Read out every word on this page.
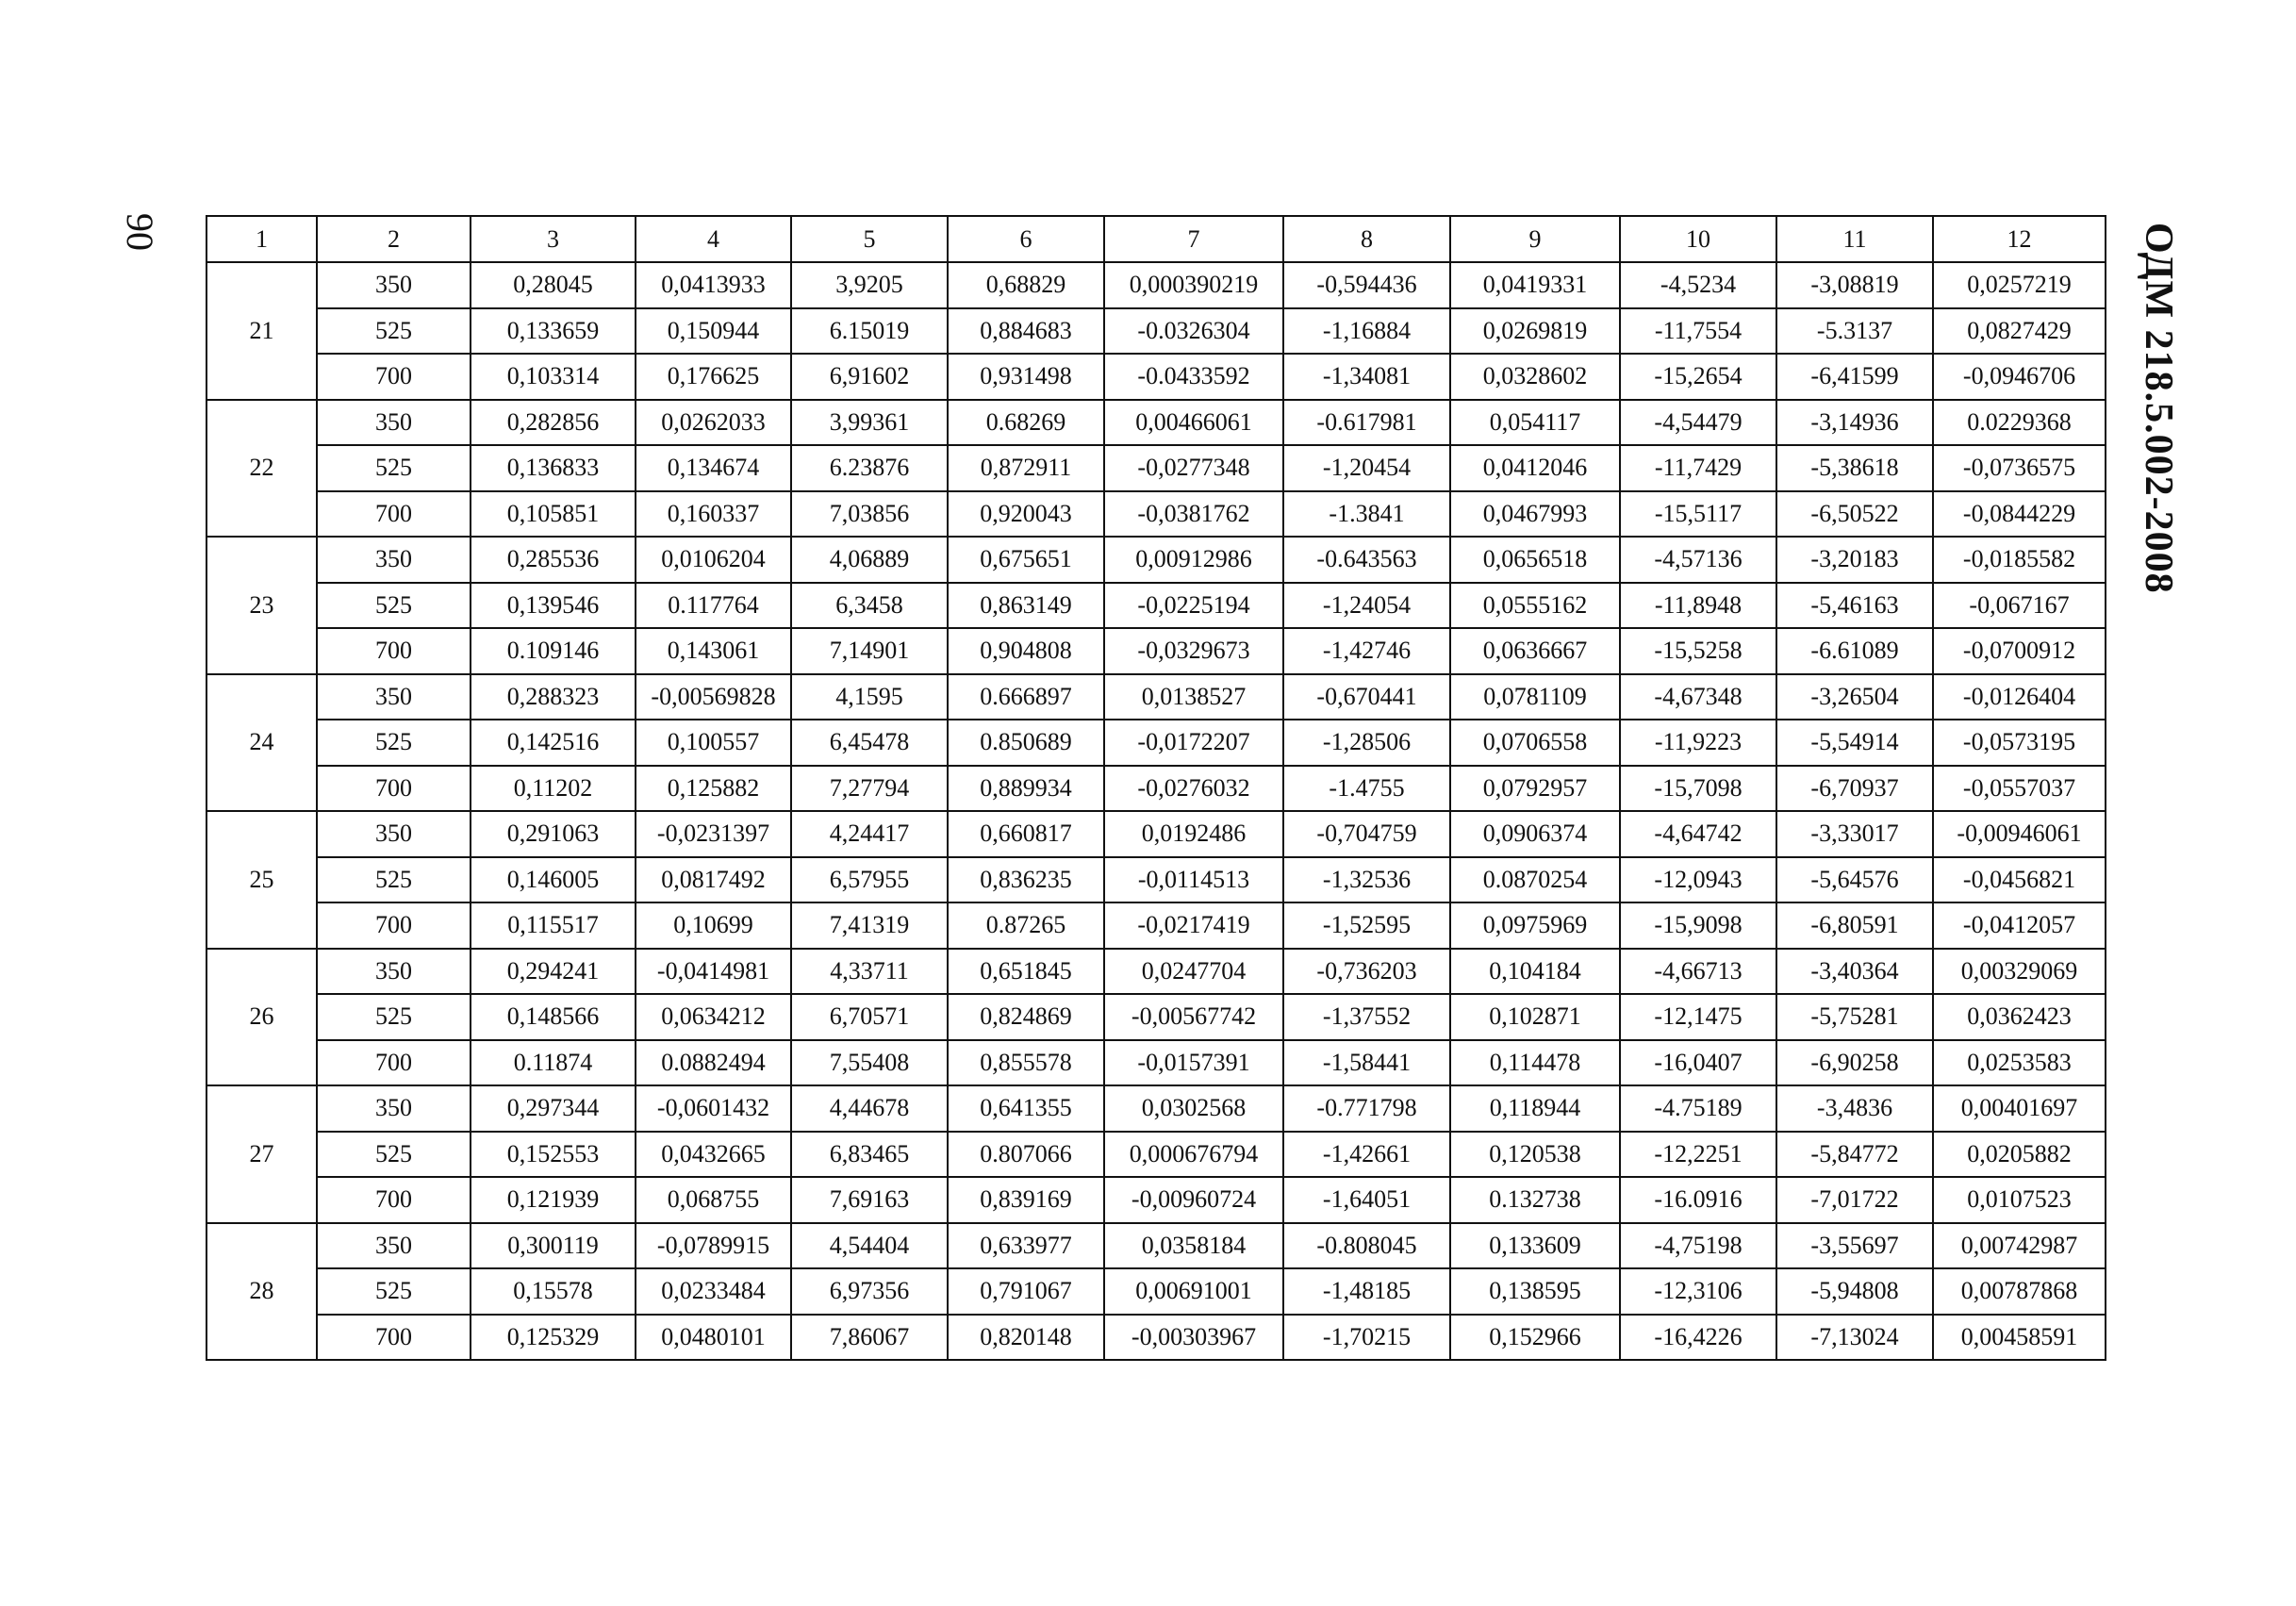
90	ОДМ 218.5.002-2008
1	2	3	4	5	6	7	8	9	10	11	12
21	350	0,28045	0,0413933	3,9205	0,68829	0,000390219	-0,594436	0,0419331	-4,5234	-3,08819	0,0257219
	525	0,133659	0,150944	6.15019	0,884683	-0.0326304	-1,16884	0,0269819	-11,7554	-5.3137	0,0827429
	700	0,103314	0,176625	6,91602	0,931498	-0.0433592	-1,34081	0,0328602	-15,2654	-6,41599	-0,0946706
22	350	0,282856	0,0262033	3,99361	0.68269	0,00466061	-0.617981	0,054117	-4,54479	-3,14936	0.0229368
	525	0,136833	0,134674	6.23876	0,872911	-0,0277348	-1,20454	0,0412046	-11,7429	-5,38618	-0,0736575
	700	0,105851	0,160337	7,03856	0,920043	-0,0381762	-1.3841	0,0467993	-15,5117	-6,50522	-0,0844229
23	350	0,285536	0,0106204	4,06889	0,675651	0,00912986	-0.643563	0,0656518	-4,57136	-3,20183	-0,0185582
	525	0,139546	0.117764	6,3458	0,863149	-0,0225194	-1,24054	0,0555162	-11,8948	-5,46163	-0,067167
	700	0.109146	0,143061	7,14901	0,904808	-0,0329673	-1,42746	0,0636667	-15,5258	-6.61089	-0,0700912
24	350	0,288323	-0,00569828	4,1595	0.666897	0,0138527	-0,670441	0,0781109	-4,67348	-3,26504	-0,0126404
	525	0,142516	0,100557	6,45478	0.850689	-0,0172207	-1,28506	0,0706558	-11,9223	-5,54914	-0,0573195
	700	0,11202	0,125882	7,27794	0,889934	-0,0276032	-1.4755	0,0792957	-15,7098	-6,70937	-0,0557037
25	350	0,291063	-0,0231397	4,24417	0,660817	0,0192486	-0,704759	0,0906374	-4,64742	-3,33017	-0,00946061
	525	0,146005	0,0817492	6,57955	0,836235	-0,0114513	-1,32536	0.0870254	-12,0943	-5,64576	-0,0456821
	700	0,115517	0,10699	7,41319	0.87265	-0,0217419	-1,52595	0,0975969	-15,9098	-6,80591	-0,0412057
26	350	0,294241	-0,0414981	4,33711	0,651845	0,0247704	-0,736203	0,104184	-4,66713	-3,40364	0,00329069
	525	0,148566	0,0634212	6,70571	0,824869	-0,00567742	-1,37552	0,102871	-12,1475	-5,75281	0,0362423
	700	0.11874	0.0882494	7,55408	0,855578	-0,0157391	-1,58441	0,114478	-16,0407	-6,90258	0,0253583
27	350	0,297344	-0,0601432	4,44678	0,641355	0,0302568	-0.771798	0,118944	-4.75189	-3,4836	0,00401697
	525	0,152553	0,0432665	6,83465	0.807066	0,000676794	-1,42661	0,120538	-12,2251	-5,84772	0,0205882
	700	0,121939	0,068755	7,69163	0,839169	-0,00960724	-1,64051	0.132738	-16.0916	-7,01722	0,0107523
28	350	0,300119	-0,0789915	4,54404	0,633977	0,0358184	-0.808045	0,133609	-4,75198	-3,55697	0,00742987
	525	0,15578	0,0233484	6,97356	0,791067	0,00691001	-1,48185	0,138595	-12,3106	-5,94808	0,00787868
	700	0,125329	0,0480101	7,86067	0,820148	-0,00303967	-1,70215	0,152966	-16,4226	-7,13024	0,00458591
